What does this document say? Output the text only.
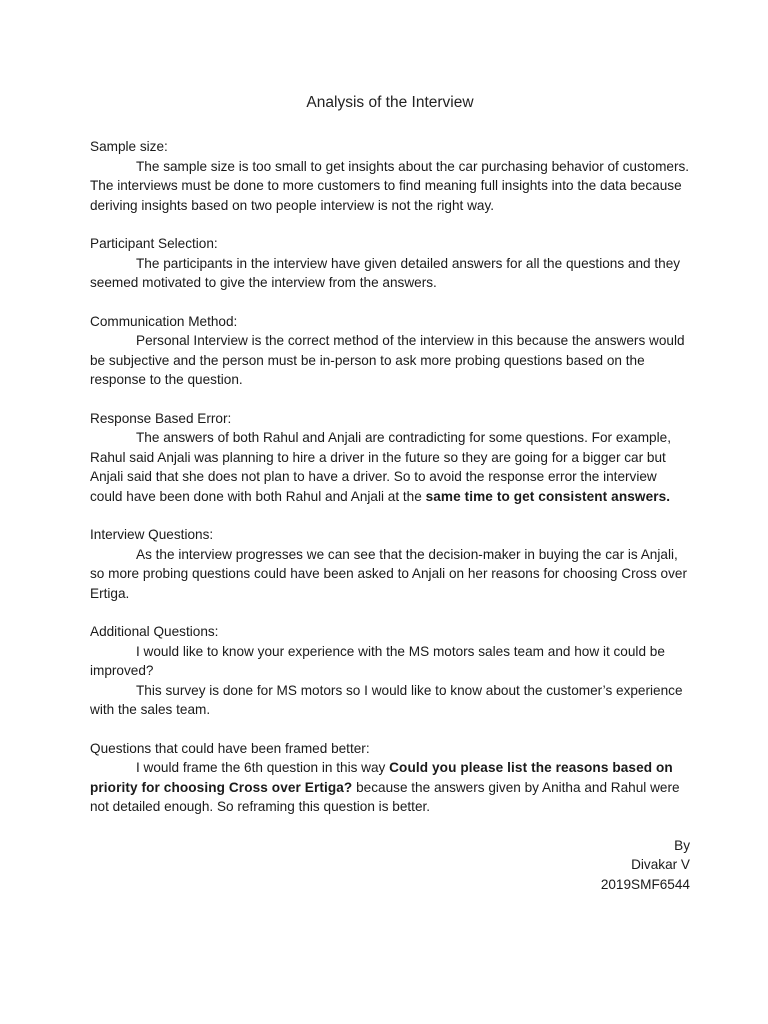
Analysis of the Interview

Sample size:

The sample size is too small to get insights about the car purchasing behavior of customers. The interviews must be done to more customers to find meaning full insights into the data because deriving insights based on two people interview is not the right way.

Participant Selection:

The participants in the interview have given detailed answers for all the questions and they seemed motivated to give the interview from the answers.

Communication Method:

Personal Interview is the correct method of the interview in this because the answers would be subjective and the person must be in-person to ask more probing questions based on the response to the question.

Response Based Error:

The answers of both Rahul and Anjali are contradicting for some questions. For example, Rahul said Anjali was planning to hire a driver in the future so they are going for a bigger car but Anjali said that she does not plan to have a driver. So to avoid the response error the interview could have been done with both Rahul and Anjali at the same time to get consistent answers.

Interview Questions:

As the interview progresses we can see that the decision-maker in buying the car is Anjali, so more probing questions could have been asked to Anjali on her reasons for choosing Cross over Ertiga.

Additional Questions:

I would like to know your experience with the MS motors sales team and how it could be improved?

This survey is done for MS motors so I would like to know about the customer’s experience with the sales team.

Questions that could have been framed better:

I would frame the 6th question in this way Could you please list the reasons based on priority for choosing Cross over Ertiga? because the answers given by Anitha and Rahul were not detailed enough. So reframing this question is better.

By
Divakar V
2019SMF6544
